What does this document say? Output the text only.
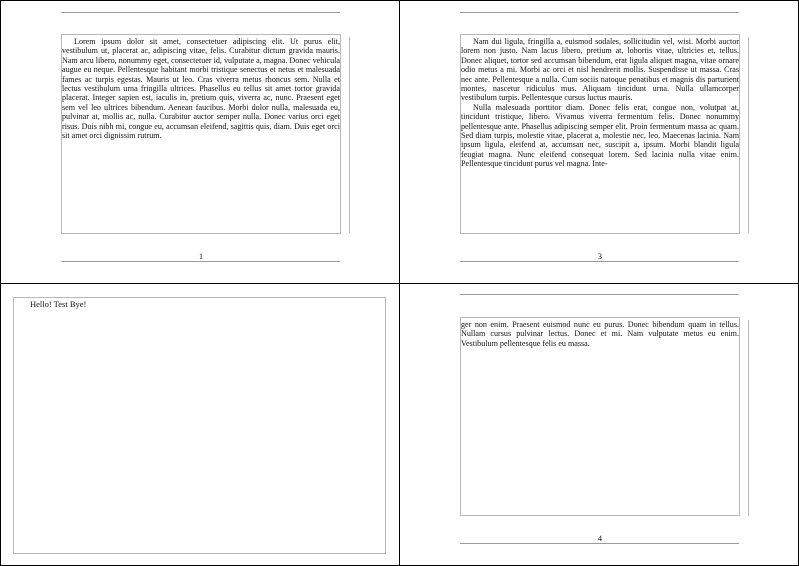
Lorem ipsum dolor sit amet, consectetuer adipiscing elit. Ut purus elit, vestibulum ut, placerat ac, adipiscing vitae, felis. Curabitur dictum gravida mauris. Nam arcu libero, nonummy eget, consectetuer id, vulputate a, magna. Donec vehicula augue eu neque. Pellentesque habitant morbi tristique senectus et netus et malesuada fames ac turpis egestas. Mauris ut leo. Cras viverra metus rhoncus sem. Nulla et lectus vestibulum urna fringilla ultrices. Phasellus eu tellus sit amet tortor gravida placerat. Integer sapien est, iaculis in, pretium quis, viverra ac, nunc. Praesent eget sem vel leo ultrices bibendum. Aenean faucibus. Morbi dolor nulla, malesuada eu, pulvinar at, mollis ac, nulla. Curabitur auctor semper nulla. Donec varius orci eget risus. Duis nibh mi, congue eu, accumsan eleifend, sagittis quis, diam. Duis eget orci sit amet orci dignissim rutrum.

1

Nam dui ligula, fringilla a, euismod sodales, sollicitudin vel, wisi. Morbi auctor lorem non justo. Nam lacus libero, pretium at, lobortis vitae, ultricies et, tellus. Donec aliquet, tortor sed accumsan bibendum, erat ligula aliquet magna, vitae ornare odio metus a mi. Morbi ac orci et nisl hendrerit mollis. Suspendisse ut massa. Cras nec ante. Pellentesque a nulla. Cum sociis natoque penatibus et magnis dis parturient montes, nascetur ridiculus mus. Aliquam tincidunt urna. Nulla ullamcorper vestibulum turpis. Pellentesque cursus luctus mauris.

Nulla malesuada porttitor diam. Donec felis erat, congue non, volutpat at, tincidunt tristique, libero. Vivamus viverra fermentum felis. Donec nonummy pellentesque ante. Phasellus adipiscing semper elit. Proin fermentum massa ac quam. Sed diam turpis, molestie vitae, placerat a, molestie nec, leo. Maecenas lacinia. Nam ipsum ligula, eleifend at, accumsan nec, suscipit a, ipsum. Morbi blandit ligula feugiat magna. Nunc eleifend consequat lorem. Sed lacinia nulla vitae enim. Pellentesque tincidunt purus vel magna. Inte-

3
Hello! Test Bye!

ger non enim. Praesent euismod nunc eu purus. Donec bibendum quam in tellus. Nullam cursus pulvinar lectus. Donec et mi. Nam vulputate metus eu enim. Vestibulum pellentesque felis eu massa.

4
